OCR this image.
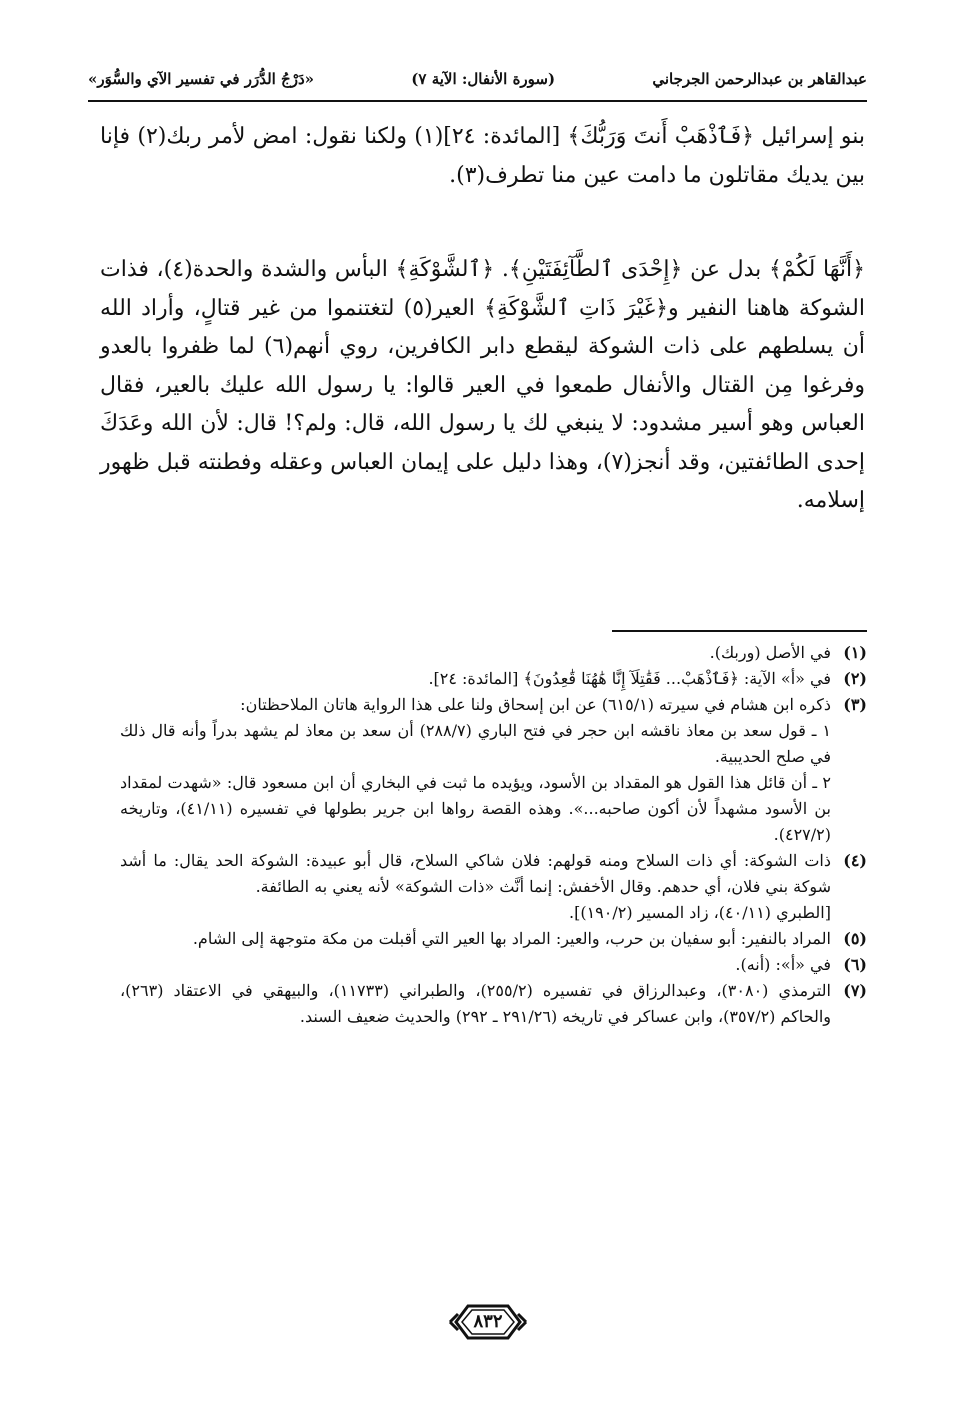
عبدالقاهر بن عبدالرحمن الجرجاني
(سورة الأنفال: الآية ٧)
«دَرْجُ الدُّرَر في تفسير الآي والسُّوَر»

بنو إسرائيل ﴿فَٱذْهَبْ أَنتَ وَرَبُّكَ﴾ [المائدة: ٢٤](١) ولكنا نقول: امض لأمر ربك(٢) فإنا بين يديك مقاتلون ما دامت عين منا تطرف(٣).

﴿أَنَّهَا لَكُمْ﴾ بدل عن ﴿إِحْدَى ٱلطَّآئِفَتَيْنِ﴾. ﴿ٱلشَّوْكَةِ﴾ البأس والشدة والحدة(٤)، فذات الشوكة هاهنا النفير و﴿غَيْرَ ذَاتِ ٱلشَّوْكَةِ﴾ العير(٥) لتغتنموا من غير قتالٍ، وأراد الله أن يسلطهم على ذات الشوكة ليقطع دابر الكافرين، روي أنهم(٦) لما ظفروا بالعدو وفرغوا مِن القتال والأنفال طمعوا في العير قالوا: يا رسول الله عليك بالعير، فقال العباس وهو أسير مشدود: لا ينبغي لك يا رسول الله، قال: ولم؟! قال: لأن الله وعَدَكَ إحدى الطائفتين، وقد أنجز(٧)، وهذا دليل على إيمان العباس وعقله وفطنته قبل ظهور إسلامه.

(١)

في الأصل (وربك).

(٢)

في «أ» الآية: ﴿فَٱذْهَبْ... فَقَٰتِلَآ إِنَّا هَٰهُنَا قَٰعِدُونَ﴾ [المائدة: ٢٤].

(٣)

ذكره ابن هشام في سيرته (٦١٥/١) عن ابن إسحاق ولنا على هذا الرواية هاتان الملاحظتان:

١ ـ قول سعد بن معاذ ناقشه ابن حجر في فتح الباري (٢٨٨/٧) أن سعد بن معاذ لم يشهد بدراً وأنه قال ذلك في صلح الحديبية.

٢ ـ أن قائل هذا القول هو المقداد بن الأسود، ويؤيده ما ثبت في البخاري أن ابن مسعود قال: «شهدت لمقداد بن الأسود مشهداً لأن أكون صاحبه...». وهذه القصة رواها ابن جرير بطولها في تفسيره (٤١/١١)، وتاريخه (٤٢٧/٢).

(٤)

ذات الشوكة: أي ذات السلاح ومنه قولهم: فلان شاكي السلاح، قال أبو عبيدة: الشوكة الحد يقال: ما أشد شوكة بني فلان، أي حدهم. وقال الأخفش: إنما أنَّث «ذات الشوكة» لأنه يعني به الطائفة.

[الطبري (٤٠/١١)، زاد المسير (١٩٠/٢)].

(٥)

المراد بالنفير: أبو سفيان بن حرب، والعير: المراد بها العير التي أقبلت من مكة متوجهة إلى الشام.

(٦)

في «أ»: (أنه).

(٧)

الترمذي (٣٠٨٠)، وعبدالرزاق في تفسيره (٢٥٥/٢)، والطبراني (١١٧٣٣)، والبيهقي في الاعتقاد (٢٦٣)، والحاكم (٣٥٧/٢)، وابن عساكر في تاريخه (٢٩١/٢٦ ـ ٢٩٢) والحديث ضعيف السند.

٨٣٢
